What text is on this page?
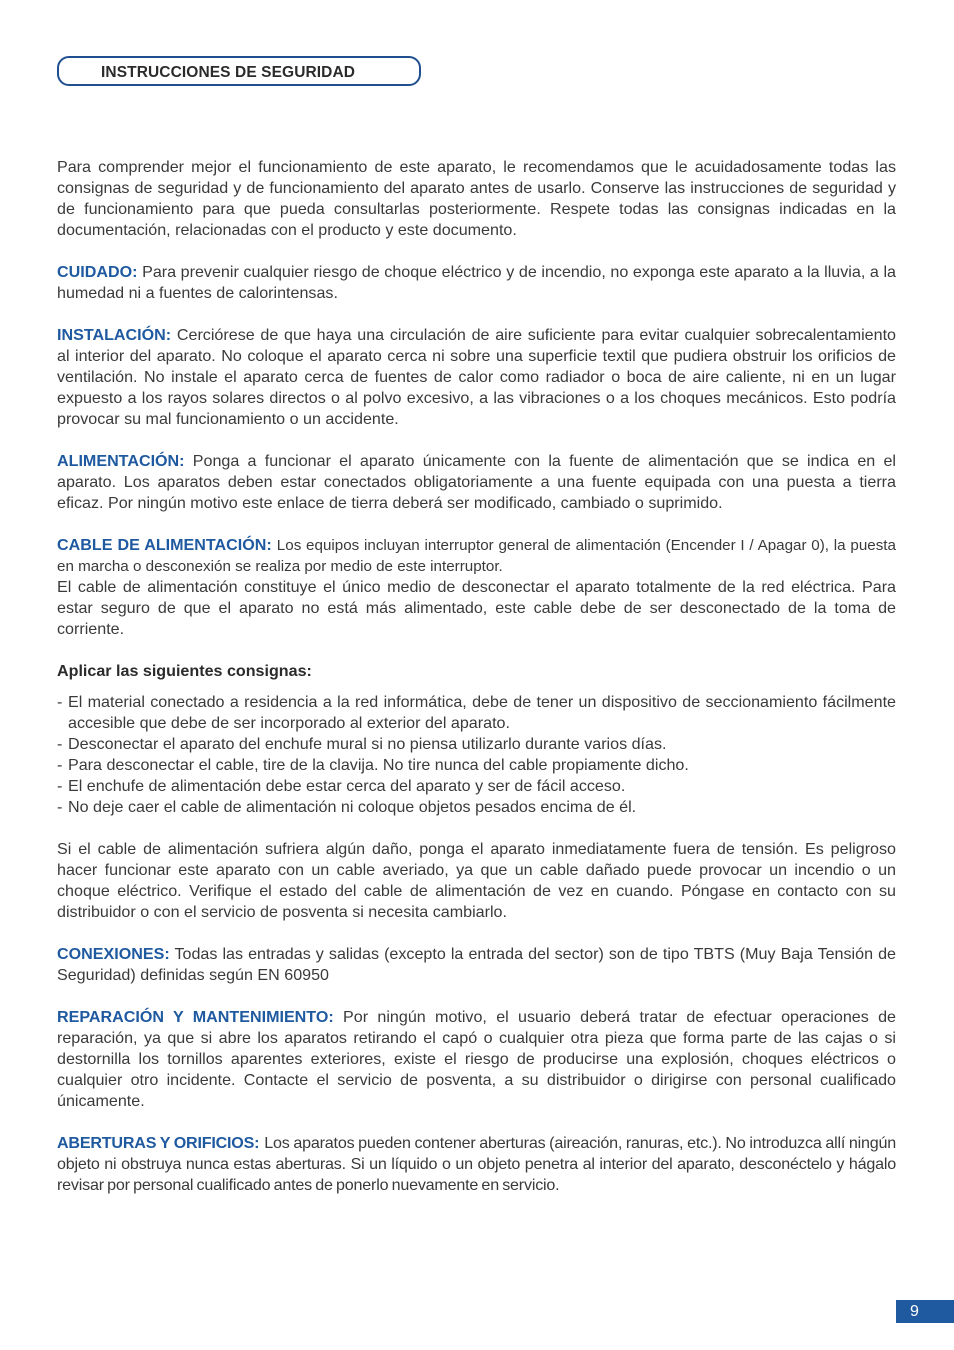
INSTRUCCIONES DE SEGURIDAD

Para comprender mejor el funcionamiento de este aparato, le recomendamos que le acuidadosamente todas las consignas de seguridad y de funcionamiento del aparato antes de usarlo. Conserve las instrucciones de seguridad y de funcionamiento para que pueda consultarlas posteriormente. Respete todas las consignas indicadas en la documentación, relacionadas con el producto y este documento.

CUIDADO: Para prevenir cualquier riesgo de choque eléctrico y de incendio, no exponga este aparato a la lluvia, a la humedad ni a fuentes de calorintensas.

INSTALACIÓN: Cerciórese de que haya una circulación de aire suficiente para evitar cualquier sobrecalentamiento al interior del aparato. No coloque el aparato cerca ni sobre una superficie textil que pudiera obstruir los orificios de ventilación. No instale el aparato cerca de fuentes de calor como radiador o boca de aire caliente, ni en un lugar expuesto a los rayos solares directos o al polvo excesivo, a las vibraciones o a los choques mecánicos. Esto podría provocar su mal funcionamiento o un accidente.

ALIMENTACIÓN: Ponga a funcionar el aparato únicamente con la fuente de alimentación que se indica en el aparato. Los aparatos deben estar conectados obligatoriamente a una fuente equipada con una puesta a tierra eficaz. Por ningún motivo este enlace de tierra deberá ser modificado, cambiado o suprimido.

CABLE DE ALIMENTACIÓN: Los equipos incluyan interruptor general de alimentación (Encender I / Apagar 0), la puesta en marcha o desconexión se realiza por medio de este interruptor.
El cable de alimentación constituye el único medio de desconectar el aparato totalmente de la red eléctrica. Para estar seguro de que el aparato no está más alimentado, este cable debe de ser desconectado de la toma de corriente.

Aplicar las siguientes consignas:

- El material conectado a residencia a la red informática, debe de tener un dispositivo de seccionamiento fácilmente accesible que debe de ser incorporado al exterior del aparato.
- Desconectar el aparato del enchufe mural si no piensa utilizarlo durante varios días.
- Para desconectar el cable, tire de la clavija. No tire nunca del cable propiamente dicho.
- El enchufe de alimentación debe estar cerca del aparato y ser de fácil acceso.
- No deje caer el cable de alimentación ni coloque objetos pesados encima de él.

Si el cable de alimentación sufriera algún daño, ponga el aparato inmediatamente fuera de tensión. Es peligroso hacer funcionar este aparato con un cable averiado, ya que un cable dañado puede provocar un incendio o un choque eléctrico. Verifique el estado del cable de alimentación de vez en cuando. Póngase en contacto con su distribuidor o con el servicio de posventa si necesita cambiarlo.

CONEXIONES: Todas las entradas y salidas (excepto la entrada del sector) son de tipo TBTS (Muy Baja Tensión de Seguridad) definidas según EN 60950

REPARACIÓN Y MANTENIMIENTO: Por ningún motivo, el usuario deberá tratar de efectuar operaciones de reparación, ya que si abre los aparatos retirando el capó o cualquier otra pieza que forma parte de las cajas o si destornilla los tornillos aparentes exteriores, existe el riesgo de producirse una explosión, choques eléctricos o cualquier otro incidente. Contacte el servicio de posventa, a su distribuidor o dirigirse con personal cualificado únicamente.

ABERTURAS Y ORIFICIOS: Los aparatos pueden contener aberturas (aireación, ranuras, etc.). No introduzca allí ningún objeto ni obstruya nunca estas aberturas. Si un líquido o un objeto penetra al interior del aparato, desconéctelo y hágalo revisar por personal cualificado antes de ponerlo nuevamente en servicio.

9
